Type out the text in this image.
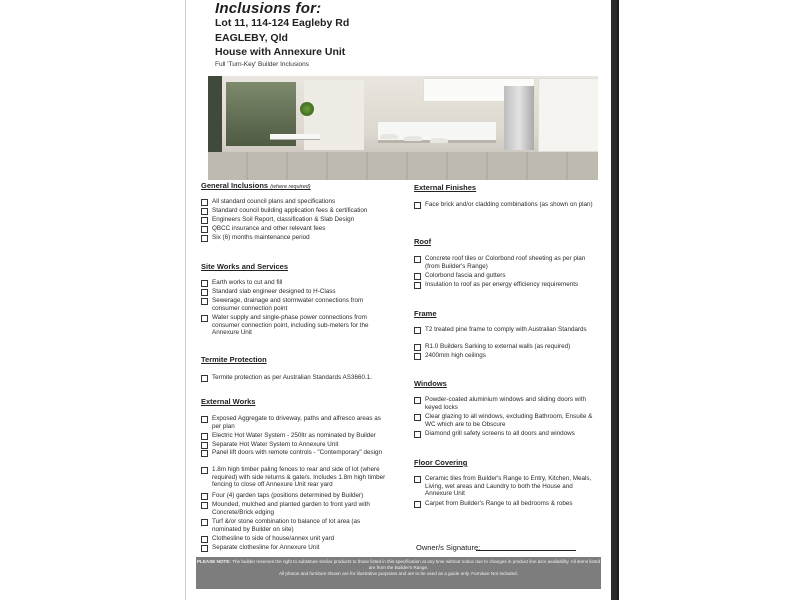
Inclusions for:
Lot 11, 114-124 Eagleby Rd
EAGLEBY, Qld
House with Annexure Unit
Full 'Turn-Key' Builder Inclusions
General Inclusions (where required)
All standard council plans and specifications
Standard council building application fees & certification
Engineers Soil Report, classification & Slab Design
QBCC insurance and other relevant fees
Six (6) months maintenance period
Site Works and Services
Earth works to cut and fill
Standard slab engineer designed to H-Class
Sewerage, drainage and stormwater connections from consumer connection point
Water supply and single-phase power connections from consumer connection point, including sub-meters for the Annexure Unit
Termite Protection
Termite protection as per Australian Standards AS3660.1.
External Works
Exposed Aggregate to driveway, paths and alfresco areas as per plan
Electric Hot Water System - 250ltr as nominated by Builder
Separate Hot Water System to Annexure Unit
Panel lift doors with remote controls - "Contemporary" design
1.8m high timber paling fences to rear and side of lot (where required) with side returns & gate/s. Includes 1.8m high timber fencing to close off Annexure Unit rear yard
Four (4) garden taps (positions determined by Builder)
Mounded, mulched and planted garden to front yard with Concrete/Brick edging
Turf &/or stone combination to balance of lot area (as nominated by Builder on site)
Clothesline to side of house/annex unit yard
Separate clothesline for Annexure Unit
External Finishes
Face brick and/or cladding combinations (as shown on plan)
Roof
Concrete roof tiles or Colorbond roof sheeting as per plan (from Builder's Range)
Colorbond fascia and gutters
Insulation to roof as per energy efficiency requirements
Frame
T2 treated pine frame to comply with Australian Standards
R1.0 Builders Sarking to external walls (as required)
2400mm high ceilings
Windows
Powder-coated aluminium windows and sliding doors with keyed locks
Clear glazing to all windows, excluding Bathroom, Ensuite & WC which are to be Obscure
Diamond grill safety screens to all doors and windows
Floor Covering
Ceramic tiles from Builder's Range to Entry, Kitchen, Meals, Living, wet areas and Laundry to both the House and Annexure Unit
Carpet from Builder's Range to all bedrooms & robes
Owner/s Signature:
PLEASE NOTE: The builder reserves the right to substitute similar products to those listed in this specification at any time without notice due to changes in product line &/or availability. All items listed are from the Builder's Range.
All photos and furniture shown are for illustrative purposes and are to be used as a guide only. Furniture Not Included.
